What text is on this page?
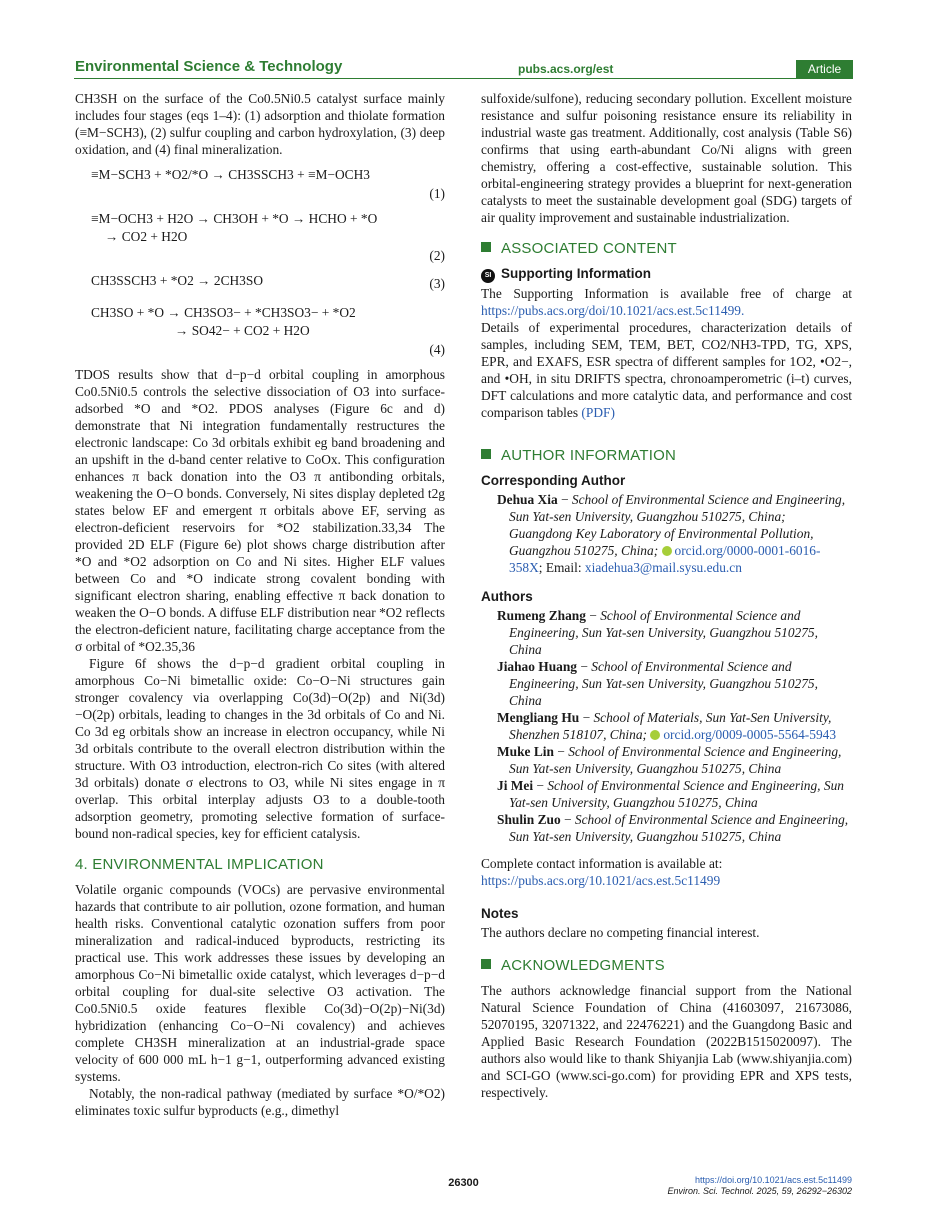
Environmental Science & Technology	pubs.acs.org/est	Article

CH3SH on the surface of the Co0.5Ni0.5 catalyst surface mainly includes four stages (eqs 1–4): (1) adsorption and thiolate formation (≡M−SCH3), (2) sulfur coupling and carbon hydroxylation, (3) deep oxidation, and (4) final mineralization.

≡M−SCH3 + *O2/*O → CH3SSCH3 + ≡M−OCH3
(1)
≡M−OCH3 + H2O → CH3OH + *O → HCHO + *O
→ CO2 + H2O
(2)
CH3SSCH3 + *O2 → 2CH3SO	(3)
CH3SO + *O → CH3SO3− + *CH3SO3− + *O2
→ SO42− + CO2 + H2O
(4)

TDOS results show that d−p−d orbital coupling in amorphous Co0.5Ni0.5 controls the selective dissociation of O3 into surface-adsorbed *O and *O2. PDOS analyses (Figure 6c and d) demonstrate that Ni integration fundamentally restructures the electronic landscape: Co 3d orbitals exhibit eg band broadening and an upshift in the d-band center relative to CoOx. This configuration enhances π back donation into the O3 π antibonding orbitals, weakening the O−O bonds. Conversely, Ni sites display depleted t2g states below EF and emergent π orbitals above EF, serving as electron-deficient reservoirs for *O2 stabilization.33,34 The provided 2D ELF (Figure 6e) plot shows charge distribution after *O and *O2 adsorption on Co and Ni sites. Higher ELF values between Co and *O indicate strong covalent bonding with significant electron sharing, enabling effective π back donation to weaken the O−O bonds. A diffuse ELF distribution near *O2 reflects the electron-deficient nature, facilitating charge acceptance from the σ orbital of *O2.35,36

Figure 6f shows the d−p−d gradient orbital coupling in amorphous Co−Ni bimetallic oxide: Co−O−Ni structures gain stronger covalency via overlapping Co(3d)−O(2p) and Ni(3d)−O(2p) orbitals, leading to changes in the 3d orbitals of Co and Ni. Co 3d eg orbitals show an increase in electron occupancy, while Ni 3d orbitals contribute to the overall electron distribution within the structure. With O3 introduction, electron-rich Co sites (with altered 3d orbitals) donate σ electrons to O3, while Ni sites engage in π overlap. This orbital interplay adjusts O3 to a double-tooth adsorption geometry, promoting selective formation of surface-bound non-radical species, key for efficient catalysis.

4. ENVIRONMENTAL IMPLICATION

Volatile organic compounds (VOCs) are pervasive environmental hazards that contribute to air pollution, ozone formation, and human health risks. Conventional catalytic ozonation suffers from poor mineralization and radical-induced byproducts, restricting its practical use. This work addresses these issues by developing an amorphous Co−Ni bimetallic oxide catalyst, which leverages d−p−d orbital coupling for dual-site selective O3 activation. The Co0.5Ni0.5 oxide features flexible Co(3d)−O(2p)−Ni(3d) hybridization (enhancing Co−O−Ni covalency) and achieves complete CH3SH mineralization at an industrial-grade space velocity of 600 000 mL h−1 g−1, outperforming advanced existing systems.

Notably, the non-radical pathway (mediated by surface *O/*O2) eliminates toxic sulfur byproducts (e.g., dimethyl

sulfoxide/sulfone), reducing secondary pollution. Excellent moisture resistance and sulfur poisoning resistance ensure its reliability in industrial waste gas treatment. Additionally, cost analysis (Table S6) confirms that using earth-abundant Co/Ni aligns with green chemistry, offering a cost-effective, sustainable solution. This orbital-engineering strategy provides a blueprint for next-generation catalysts to meet the sustainable development goal (SDG) targets of air quality improvement and sustainable industrialization.

ASSOCIATED CONTENT
SI Supporting Information

The Supporting Information is available free of charge at https://pubs.acs.org/doi/10.1021/acs.est.5c11499.

Details of experimental procedures, characterization details of samples, including SEM, TEM, BET, CO2/NH3-TPD, TG, XPS, EPR, and EXAFS, ESR spectra of different samples for 1O2, •O2−, and •OH, in situ DRIFTS spectra, chronoamperometric (i–t) curves, DFT calculations and more catalytic data, and performance and cost comparison tables (PDF)

AUTHOR INFORMATION
Corresponding Author

Dehua Xia − School of Environmental Science and Engineering, Sun Yat-sen University, Guangzhou 510275, China; Guangdong Key Laboratory of Environmental Pollution, Guangzhou 510275, China; orcid.org/0000-0001-6016-358X; Email: xiadehua3@mail.sysu.edu.cn

Authors

Rumeng Zhang − School of Environmental Science and Engineering, Sun Yat-sen University, Guangzhou 510275, China

Jiahao Huang − School of Environmental Science and Engineering, Sun Yat-sen University, Guangzhou 510275, China

Mengliang Hu − School of Materials, Sun Yat-Sen University, Shenzhen 518107, China; orcid.org/0009-0005-5564-5943

Muke Lin − School of Environmental Science and Engineering, Sun Yat-sen University, Guangzhou 510275, China

Ji Mei − School of Environmental Science and Engineering, Sun Yat-sen University, Guangzhou 510275, China

Shulin Zuo − School of Environmental Science and Engineering, Sun Yat-sen University, Guangzhou 510275, China

Complete contact information is available at:
https://pubs.acs.org/10.1021/acs.est.5c11499

Notes

The authors declare no competing financial interest.

ACKNOWLEDGMENTS

The authors acknowledge financial support from the National Natural Science Foundation of China (41603097, 21673086, 52070195, 32071322, and 22476221) and the Guangdong Basic and Applied Basic Research Foundation (2022B1515020097). The authors also would like to thank Shiyanjia Lab (www.shiyanjia.com) and SCI-GO (www.sci-go.com) for providing EPR and XPS tests, respectively.

26300	https://doi.org/10.1021/acs.est.5c11499
Environ. Sci. Technol. 2025, 59, 26292−26302
